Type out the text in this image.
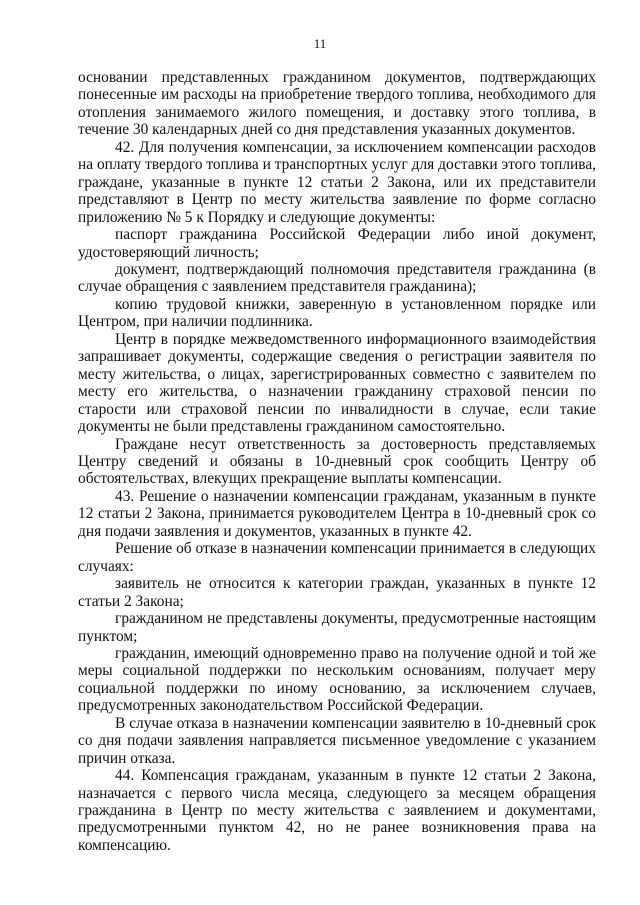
11

основании представленных гражданином документов, подтверждающих понесенные им расходы на приобретение твердого топлива, необходимого для отопления занимаемого жилого помещения, и доставку этого топлива, в течение 30 календарных дней со дня представления указанных документов.

42. Для получения компенсации, за исключением компенсации расходов на оплату твердого топлива и транспортных услуг для доставки этого топлива, граждане, указанные в пункте 12 статьи 2 Закона, или их представители представляют в Центр по месту жительства заявление по форме согласно приложению № 5 к Порядку и следующие документы:

паспорт гражданина Российской Федерации либо иной документ, удостоверяющий личность;

документ, подтверждающий полномочия представителя гражданина (в случае обращения с заявлением представителя гражданина);

копию трудовой книжки, заверенную в установленном порядке или Центром, при наличии подлинника.

Центр в порядке межведомственного информационного взаимодействия запрашивает документы, содержащие сведения о регистрации заявителя по месту жительства, о лицах, зарегистрированных совместно с заявителем по месту его жительства, о назначении гражданину страховой пенсии по старости или страховой пенсии по инвалидности в случае, если такие документы не были представлены гражданином самостоятельно.

Граждане несут ответственность за достоверность представляемых Центру сведений и обязаны в 10-дневный срок сообщить Центру об обстоятельствах, влекущих прекращение выплаты компенсации.

43. Решение о назначении компенсации гражданам, указанным в пункте 12 статьи 2 Закона, принимается руководителем Центра в 10-дневный срок со дня подачи заявления и документов, указанных в пункте 42.

Решение об отказе в назначении компенсации принимается в следующих случаях:

заявитель не относится к категории граждан, указанных в пункте 12 статьи 2 Закона;

гражданином не представлены документы, предусмотренные настоящим пунктом;

гражданин, имеющий одновременно право на получение одной и той же меры социальной поддержки по нескольким основаниям, получает меру социальной поддержки по иному основанию, за исключением случаев, предусмотренных законодательством Российской Федерации.

В случае отказа в назначении компенсации заявителю в 10-дневный срок со дня подачи заявления направляется письменное уведомление с указанием причин отказа.

44. Компенсация гражданам, указанным в пункте 12 статьи 2 Закона, назначается с первого числа месяца, следующего за месяцем обращения гражданина в Центр по месту жительства с заявлением и документами, предусмотренными пунктом 42, но не ранее возникновения права на компенсацию.
